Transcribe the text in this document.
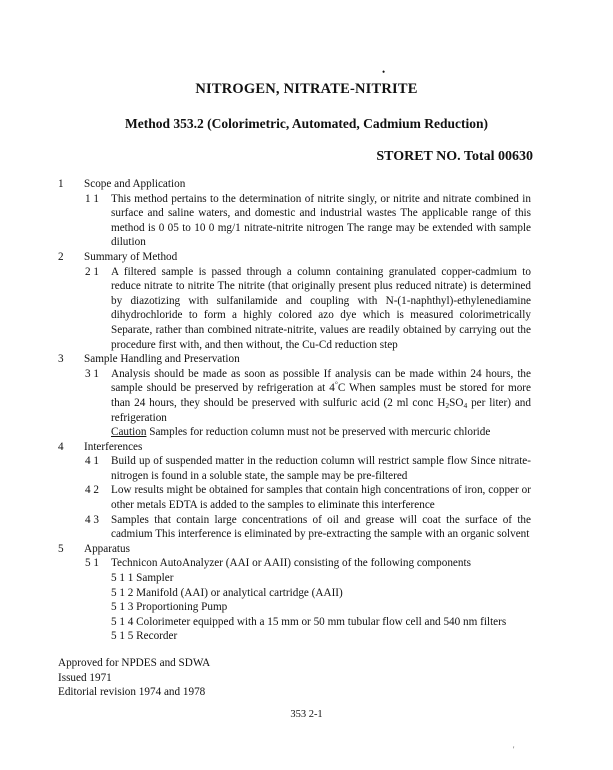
•
NITROGEN, NITRATE-NITRITE
Method 353.2 (Colorimetric, Automated, Cadmium Reduction)
STORET NO. Total 00630
1 Scope and Application
1 1 This method pertains to the determination of nitrite singly, or nitrite and nitrate combined in surface and saline waters, and domestic and industrial wastes The applicable range of this method is 0 05 to 10 0 mg/1 nitrate-nitrite nitrogen The range may be extended with sample dilution
2 Summary of Method
2 1 A filtered sample is passed through a column containing granulated copper-cadmium to reduce nitrate to nitrite The nitrite (that originally present plus reduced nitrate) is determined by diazotizing with sulfanilamide and coupling with N-(1-naphthyl)-ethylenediamine dihydrochloride to form a highly colored azo dye which is measured colorimetrically Separate, rather than combined nitrate-nitrite, values are readily obtained by carrying out the procedure first with, and then without, the Cu-Cd reduction step
3 Sample Handling and Preservation
3 1 Analysis should be made as soon as possible If analysis can be made within 24 hours, the sample should be preserved by refrigeration at 4°C When samples must be stored for more than 24 hours, they should be preserved with sulfuric acid (2 ml conc $H_2SO_4$ per liter) and refrigeration
Caution Samples for reduction column must not be preserved with mercuric chloride
4 Interferences
4 1 Build up of suspended matter in the reduction column will restrict sample flow Since nitrate-nitrogen is found in a soluble state, the sample may be pre-filtered
4 2 Low results might be obtained for samples that contain high concentrations of iron, copper or other metals EDTA is added to the samples to eliminate this interference
4 3 Samples that contain large concentrations of oil and grease will coat the surface of the cadmium This interference is eliminated by pre-extracting the sample with an organic solvent
5 Apparatus
5 1 Technicon AutoAnalyzer (AAI or AAII) consisting of the following components
5 1 1 Sampler
5 1 2 Manifold (AAI) or analytical cartridge (AAII)
5 1 3 Proportioning Pump
5 1 4 Colorimeter equipped with a 15 mm or 50 mm tubular flow cell and 540 nm filters
5 1 5 Recorder
Approved for NPDES and SDWA
Issued 1971
Editorial revision 1974 and 1978
353 2-1
'
